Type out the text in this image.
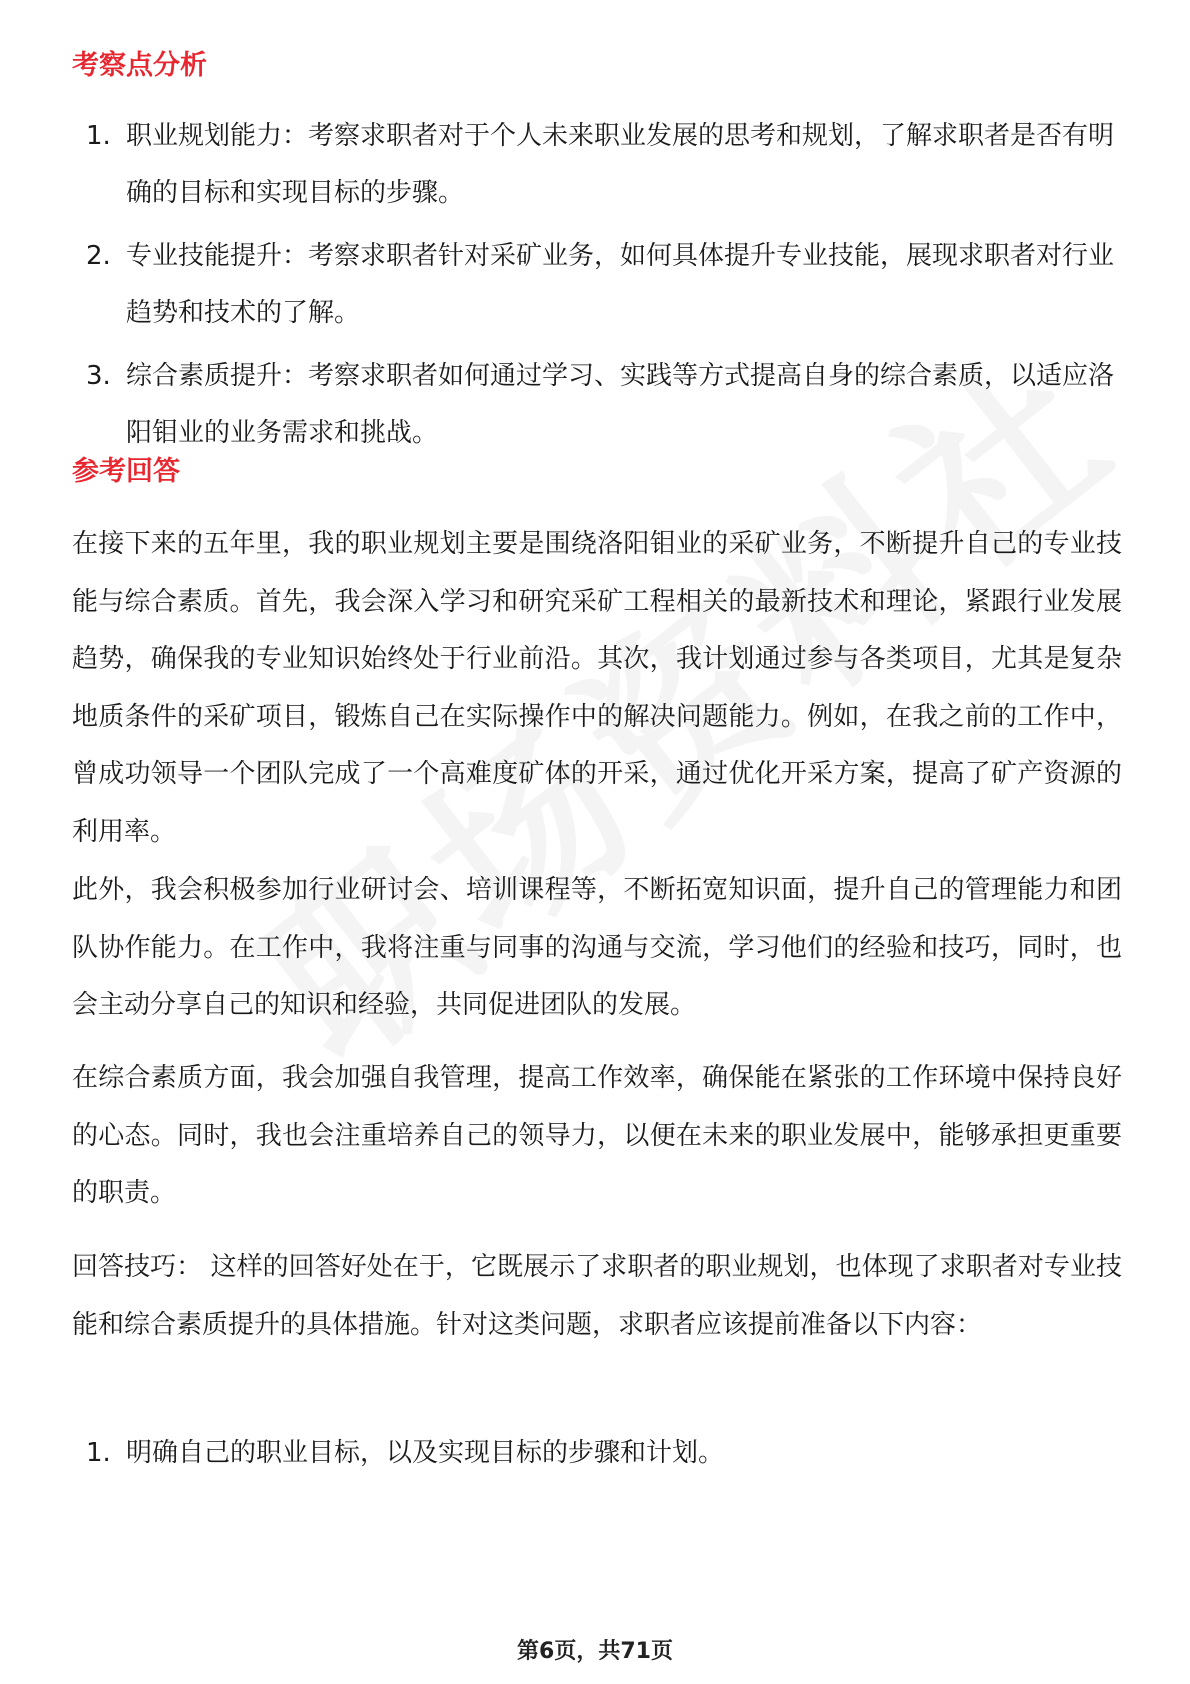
考察点分析
1. 职业规划能力：考察求职者对于个人未来职业发展的思考和规划，了解求职者是否有明确的目标和实现目标的步骤。
2. 专业技能提升：考察求职者针对采矿业务，如何具体提升专业技能，展现求职者对行业趋势和技术的了解。
3. 综合素质提升：考察求职者如何通过学习、实践等方式提高自身的综合素质，以适应洛阳钼业的业务需求和挑战。
参考回答

在接下来的五年里，我的职业规划主要是围绕洛阳钼业的采矿业务，不断提升自己的专业技能与综合素质。首先，我会深入学习和研究采矿工程相关的最新技术和理论，紧跟行业发展趋势，确保我的专业知识始终处于行业前沿。其次，我计划通过参与各类项目，尤其是复杂地质条件的采矿项目，锻炼自己在实际操作中的解决问题能力。例如，在我之前的工作中，曾成功领导一个团队完成了一个高难度矿体的开采，通过优化开采方案，提高了矿产资源的利用率。

此外，我会积极参加行业研讨会、培训课程等，不断拓宽知识面，提升自己的管理能力和团队协作能力。在工作中，我将注重与同事的沟通与交流，学习他们的经验和技巧，同时，也会主动分享自己的知识和经验，共同促进团队的发展。

在综合素质方面，我会加强自我管理，提高工作效率，确保能在紧张的工作环境中保持良好的心态。同时，我也会注重培养自己的领导力，以便在未来的职业发展中，能够承担更重要的职责。

回答技巧： 这样的回答好处在于，它既展示了求职者的职业规划，也体现了求职者对专业技能和综合素质提升的具体措施。针对这类问题，求职者应该提前准备以下内容：

1. 明确自己的职业目标，以及实现目标的步骤和计划。
第6页，共71页
